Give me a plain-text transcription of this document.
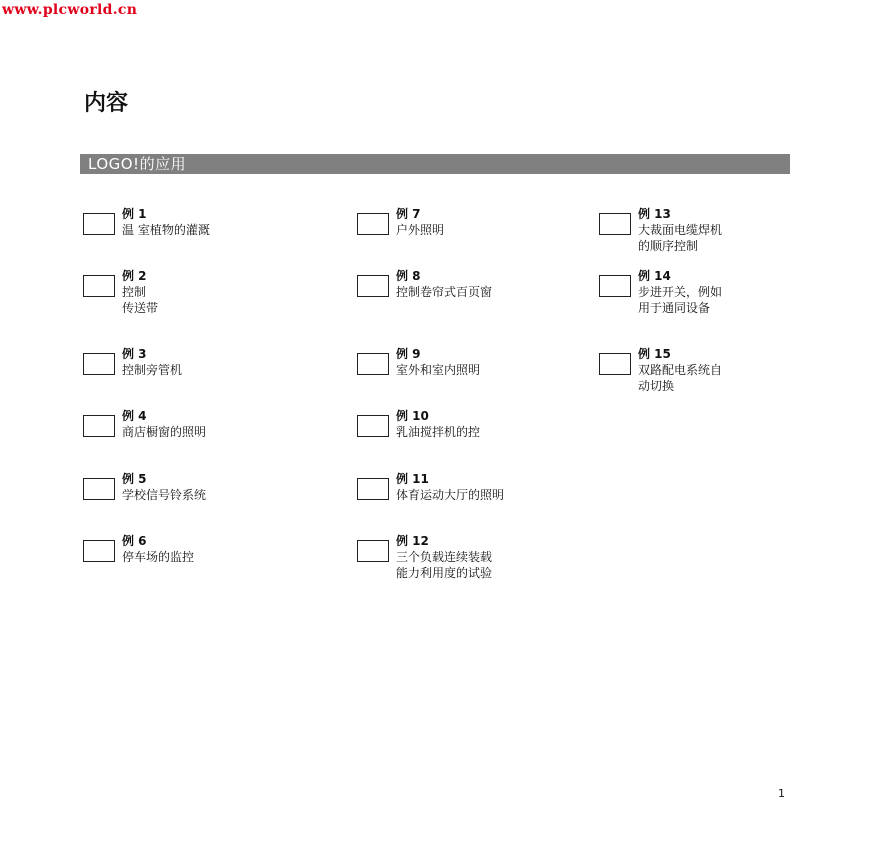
www.plcworld.cn
内容
LOGO!的应用
例 1
温 室植物的灌溉
例 2
控制
传送带
例 3
控制旁管机
例 4
商店橱窗的照明
例 5
学校信号铃系统
例 6
停车场的监控
例 7
户外照明
例 8
控制卷帘式百页窗
例 9
室外和室内照明
例 10
乳油搅拌机的控
例 11
体育运动大厅的照明
例 12
三个负载连续装载
能力利用度的试验
例 13
大裁面电缆焊机
的顺序控制
例 14
步进开关，例如
用于通同设备
例 15
双路配电系统自
动切换
1
